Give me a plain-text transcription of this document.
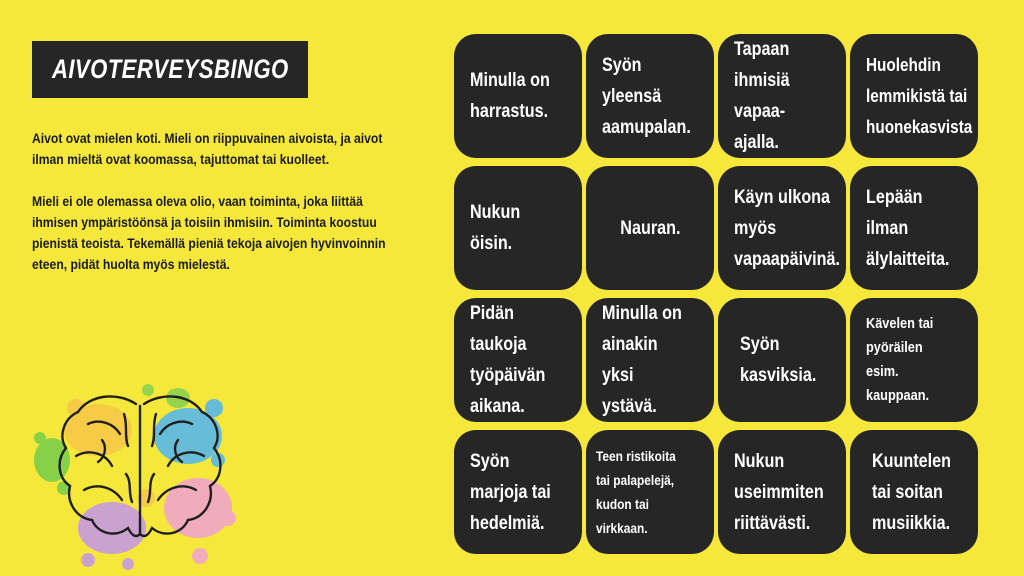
AIVOTERVEYSBINGO

Aivot ovat mielen koti. Mieli on riippuvainen aivoista, ja aivot ilman mieltä ovat koomassa, tajuttomat tai kuolleet.

Mieli ei ole olemassa oleva olio, vaan toiminta, joka liittää ihmisen ympäristöönsä ja toisiin ihmisiin. Toiminta koostuu pienistä teoista. Tekemällä pieniä tekoja aivojen hyvinvoinnin eteen, pidät huolta myös mielestä.

Minulla on harrastus.
Syön yleensä aamupalan.
Tapaan ihmisiä vapaa-ajalla.
Huolehdin lemmikistä tai huonekasvista
Nukun öisin.
Nauran.
Käyn ulkona myös vapaapäivinä.
Lepään ilman älylaitteita.
Pidän taukoja työpäivän aikana.
Minulla on ainakin yksi ystävä.
Syön kasviksia.
Kävelen tai pyöräilen esim. kauppaan.
Syön marjoja tai hedelmiä.
Teen ristikoita tai palapelejä, kudon tai virkkaan.
Nukun useimmiten riittävästi.
Kuuntelen tai soitan musiikkia.
